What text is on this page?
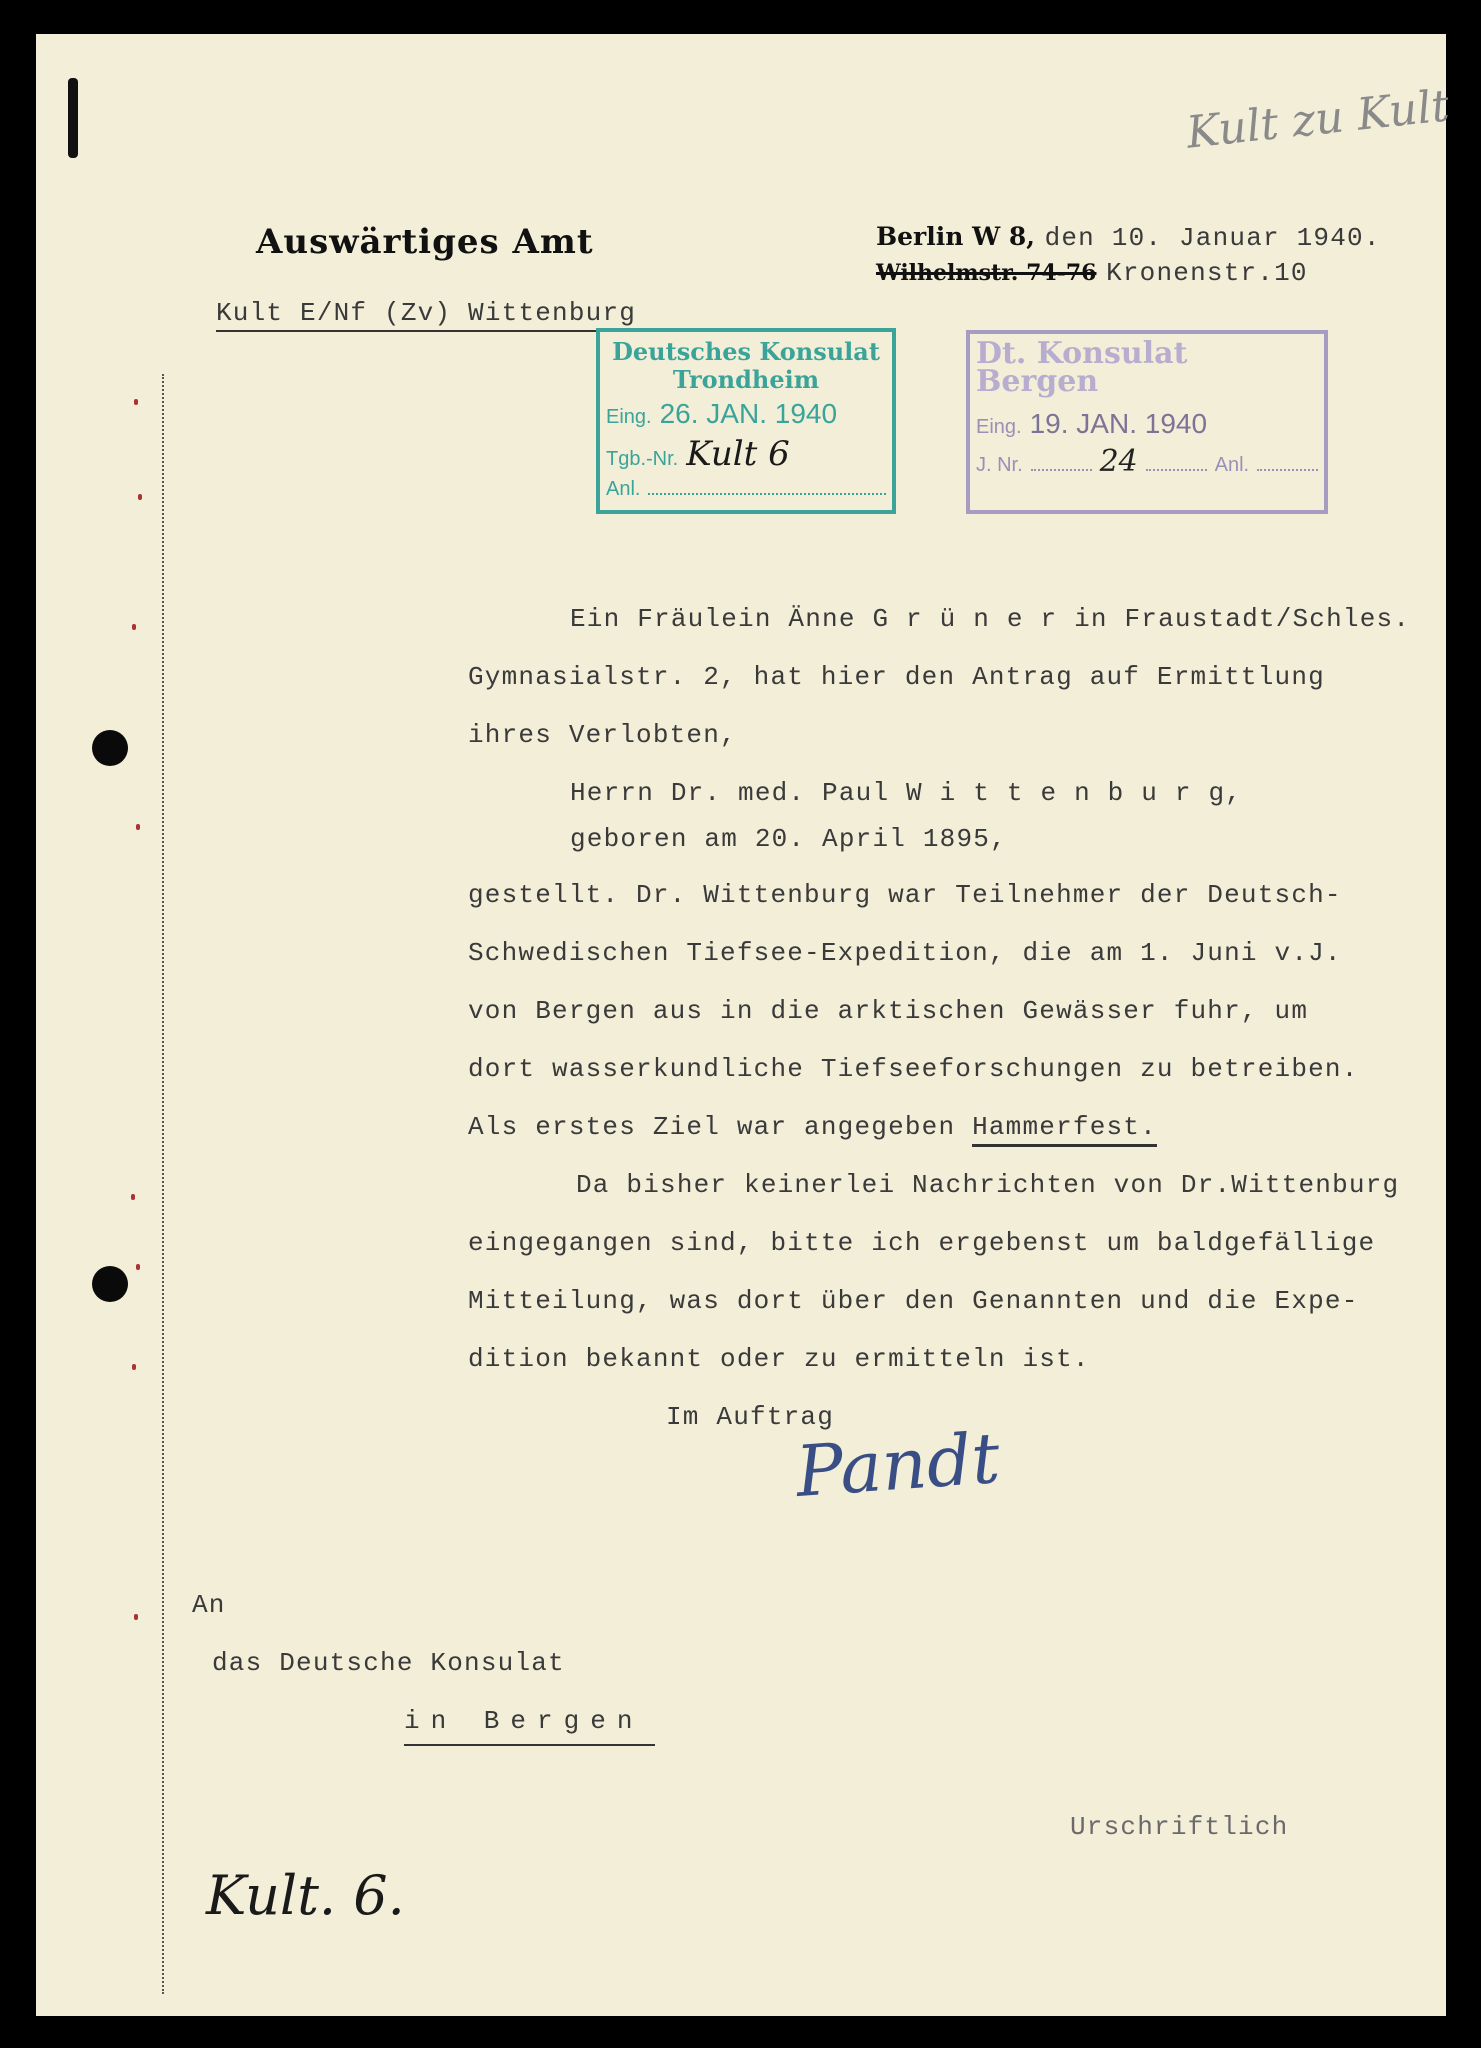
Auswärtiges Amt	Berlin W 8, den 10. Januar 1940.
Wilhelmstr. 74-76 Kronenstr.10
Kult E/Nf (Zv) Wittenburg
Kult zu Kult
Deutsches Konsulat
Trondheim
Eing. 26. JAN. 1940
Tgb.-Nr. Kult 6
Anl.
Dt. Konsulat Bergen
Eing. 19. JAN. 1940
J. Nr.	24	Anl.
Ein Fräulein Änne G r ü n e r in Fraustadt/Schles.
Gymnasialstr. 2, hat hier den Antrag auf Ermittlung
ihres Verlobten,
Herrn Dr. med. Paul W i t t e n b u r g,
geboren am 20. April 1895,
gestellt. Dr. Wittenburg war Teilnehmer der Deutsch-
Schwedischen Tiefsee-Expedition, die am 1. Juni v.J.
von Bergen aus in die arktischen Gewässer fuhr, um
dort wasserkundliche Tiefseeforschungen zu betreiben.
Als erstes Ziel war angegeben Hammerfest.
Da bisher keinerlei Nachrichten von Dr.Wittenburg
eingegangen sind, bitte ich ergebenst um baldgefällige
Mitteilung, was dort über den Genannten und die Expe-
dition bekannt oder zu ermitteln ist.
Im Auftrag
Pandt
An
das Deutsche Konsulat
in Bergen
Urschriftlich
Kult. 6.
